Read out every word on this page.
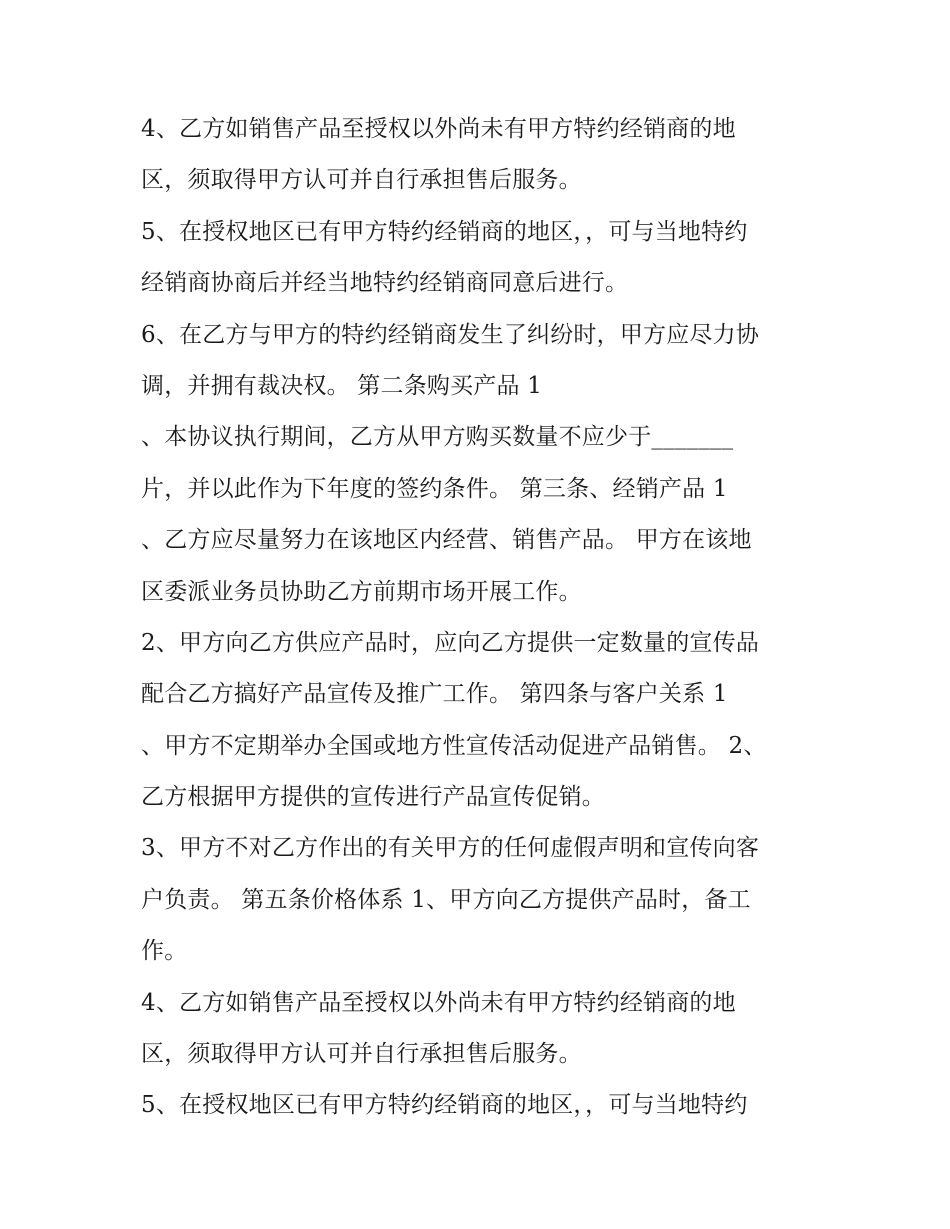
4、乙方如销售产品至授权以外尚未有甲方特约经销商的地
区，须取得甲方认可并自行承担售后服务。
5、在授权地区已有甲方特约经销商的地区，，可与当地特约
经销商协商后并经当地特约经销商同意后进行。
6、在乙方与甲方的特约经销商发生了纠纷时，甲方应尽力协
调，并拥有裁决权。 第二条购买产品 1
、本协议执行期间，乙方从甲方购买数量不应少于_______
片，并以此作为下年度的签约条件。 第三条、经销产品 1
、乙方应尽量努力在该地区内经营、销售产品。 甲方在该地
区委派业务员协助乙方前期市场开展工作。
2、甲方向乙方供应产品时，应向乙方提供一定数量的宣传品
配合乙方搞好产品宣传及推广工作。 第四条与客户关系 1
、甲方不定期举办全国或地方性宣传活动促进产品销售。 2、
乙方根据甲方提供的宣传进行产品宣传促销。
3、甲方不对乙方作出的有关甲方的任何虚假声明和宣传向客
户负责。 第五条价格体系 1、甲方向乙方提供产品时，备工
作。
4、乙方如销售产品至授权以外尚未有甲方特约经销商的地
区，须取得甲方认可并自行承担售后服务。
5、在授权地区已有甲方特约经销商的地区，，可与当地特约
